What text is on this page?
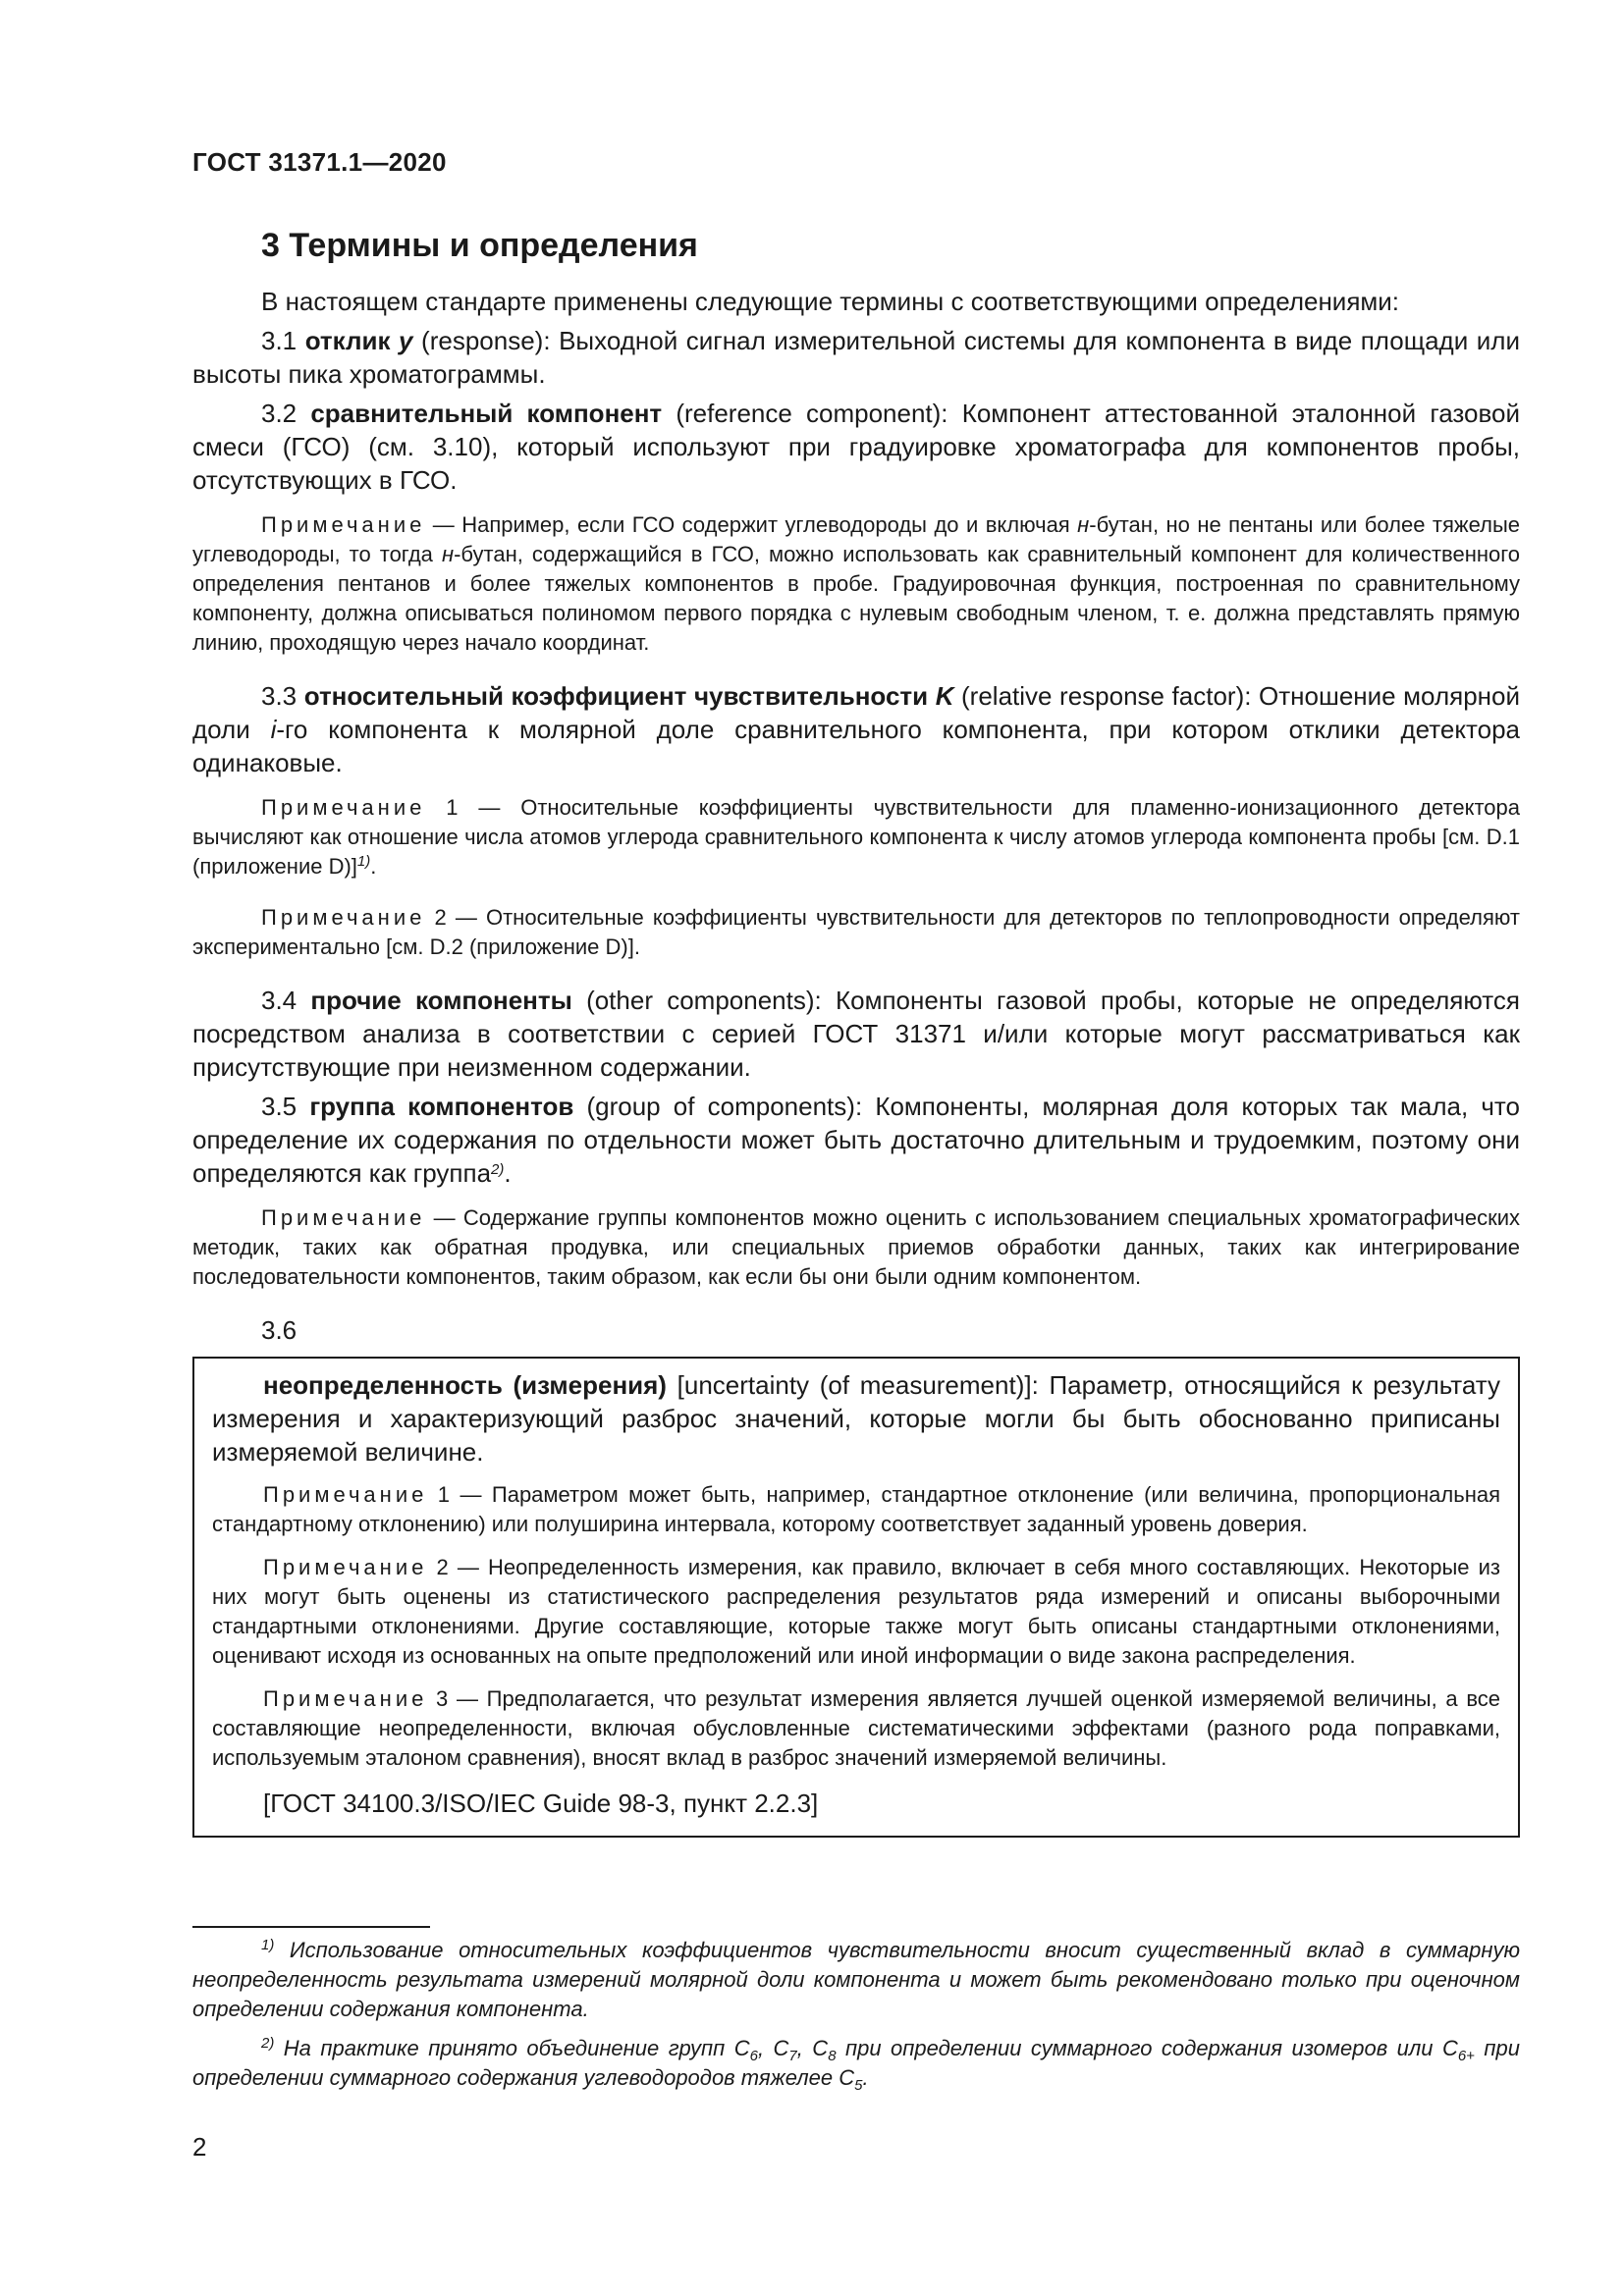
ГОСТ 31371.1—2020
3 Термины и определения

В настоящем стандарте применены следующие термины с соответствующими определениями:

3.1 отклик y (response): Выходной сигнал измерительной системы для компонента в виде площади или высоты пика хроматограммы.

3.2 сравнительный компонент (reference component): Компонент аттестованной эталонной газовой смеси (ГСО) (см. 3.10), который используют при градуировке хроматографа для компонентов пробы, отсутствующих в ГСО.

Примечание — Например, если ГСО содержит углеводороды до и включая н-бутан, но не пентаны или более тяжелые углеводороды, то тогда н-бутан, содержащийся в ГСО, можно использовать как сравнительный компонент для количественного определения пентанов и более тяжелых компонентов в пробе. Градуировочная функция, построенная по сравнительному компоненту, должна описываться полиномом первого порядка с нулевым свободным членом, т. е. должна представлять прямую линию, проходящую через начало координат.

3.3 относительный коэффициент чувствительности K (relative response factor): Отношение молярной доли i-го компонента к молярной доле сравнительного компонента, при котором отклики детектора одинаковые.

Примечание 1 — Относительные коэффициенты чувствительности для пламенно-ионизационного детектора вычисляют как отношение числа атомов углерода сравнительного компонента к числу атомов углерода компонента пробы [см. D.1 (приложение D)]$^{1)}$.

Примечание 2 — Относительные коэффициенты чувствительности для детекторов по теплопроводности определяют экспериментально [см. D.2 (приложение D)].

3.4 прочие компоненты (other components): Компоненты газовой пробы, которые не определяются посредством анализа в соответствии с серией ГОСТ 31371 и/или которые могут рассматриваться как присутствующие при неизменном содержании.

3.5 группа компонентов (group of components): Компоненты, молярная доля которых так мала, что определение их содержания по отдельности может быть достаточно длительным и трудоемким, поэтому они определяются как группа$^{2)}$.

Примечание — Содержание группы компонентов можно оценить с использованием специальных хроматографических методик, таких как обратная продувка, или специальных приемов обработки данных, таких как интегрирование последовательности компонентов, таким образом, как если бы они были одним компонентом.

3.6

неопределенность (измерения) [uncertainty (of measurement)]: Параметр, относящийся к результату измерения и характеризующий разброс значений, которые могли бы быть обоснованно приписаны измеряемой величине.

Примечание 1 — Параметром может быть, например, стандартное отклонение (или величина, пропорциональная стандартному отклонению) или полуширина интервала, которому соответствует заданный уровень доверия.

Примечание 2 — Неопределенность измерения, как правило, включает в себя много составляющих. Некоторые из них могут быть оценены из статистического распределения результатов ряда измерений и описаны выборочными стандартными отклонениями. Другие составляющие, которые также могут быть описаны стандартными отклонениями, оценивают исходя из основанных на опыте предположений или иной информации о виде закона распределения.

Примечание 3 — Предполагается, что результат измерения является лучшей оценкой измеряемой величины, а все составляющие неопределенности, включая обусловленные систематическими эффектами (разного рода поправками, используемым эталоном сравнения), вносят вклад в разброс значений измеряемой величины.

[ГОСТ 34100.3/ISO/IEC Guide 98-3, пункт 2.2.3]

$^{1)}$ Использование относительных коэффициентов чувствительности вносит существенный вклад в суммарную неопределенность результата измерений молярной доли компонента и может быть рекомендовано только при оценочном определении содержания компонента.

$^{2)}$ На практике принято объединение групп $C_6$, $C_7$, $C_8$ при определении суммарного содержания изомеров или $C_{6+}$ при определении суммарного содержания углеводородов тяжелее $C_5$.

2
